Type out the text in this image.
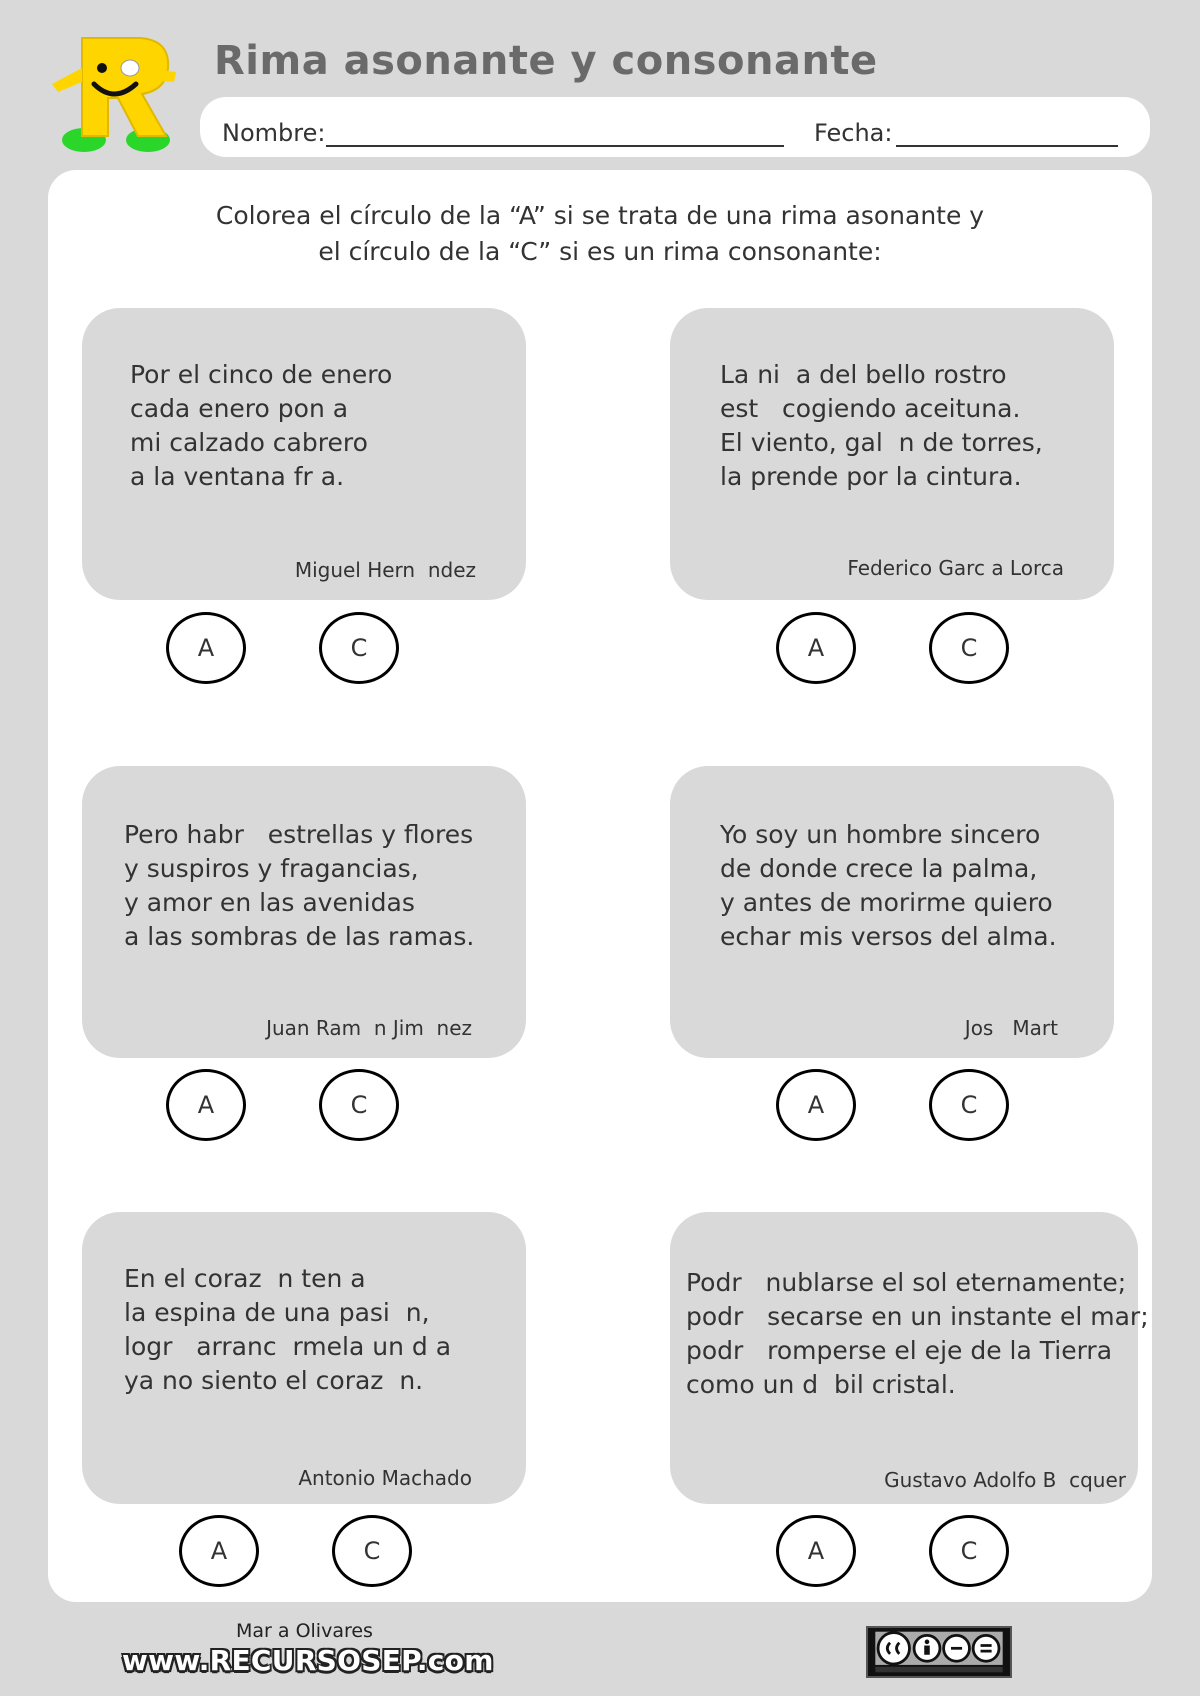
Rima asonante y consonante
Nombre:	Fecha:
Colorea el círculo de la “A” si se trata de una rima asonante y
el círculo de la “C” si es un rima consonante:
Por el cinco de enero
cada enero pon a
mi calzado cabrero
a la ventana fr a.
Miguel Hern  ndez
A	C
La ni  a del bello rostro
est   cogiendo aceituna.
El viento, gal  n de torres,
la prende por la cintura.
Federico Garc a Lorca
A	C
Pero habr   estrellas y flores
y suspiros y fragancias,
y amor en las avenidas
a las sombras de las ramas.
Juan Ram  n Jim  nez
A	C
Yo soy un hombre sincero
de donde crece la palma,
y antes de morirme quiero
echar mis versos del alma.
Jos   Mart
A	C
En el coraz  n ten a
la espina de una pasi  n,
logr   arranc  rmela un d a
ya no siento el coraz  n.
Antonio Machado
A	C
Podr   nublarse el sol eternamente;
podr   secarse en un instante el mar;
podr   romperse el eje de la Tierra
como un d  bil cristal.
Gustavo Adolfo B  cquer
A	C
Mar a Olivares
www.RECURSOSEP.com
